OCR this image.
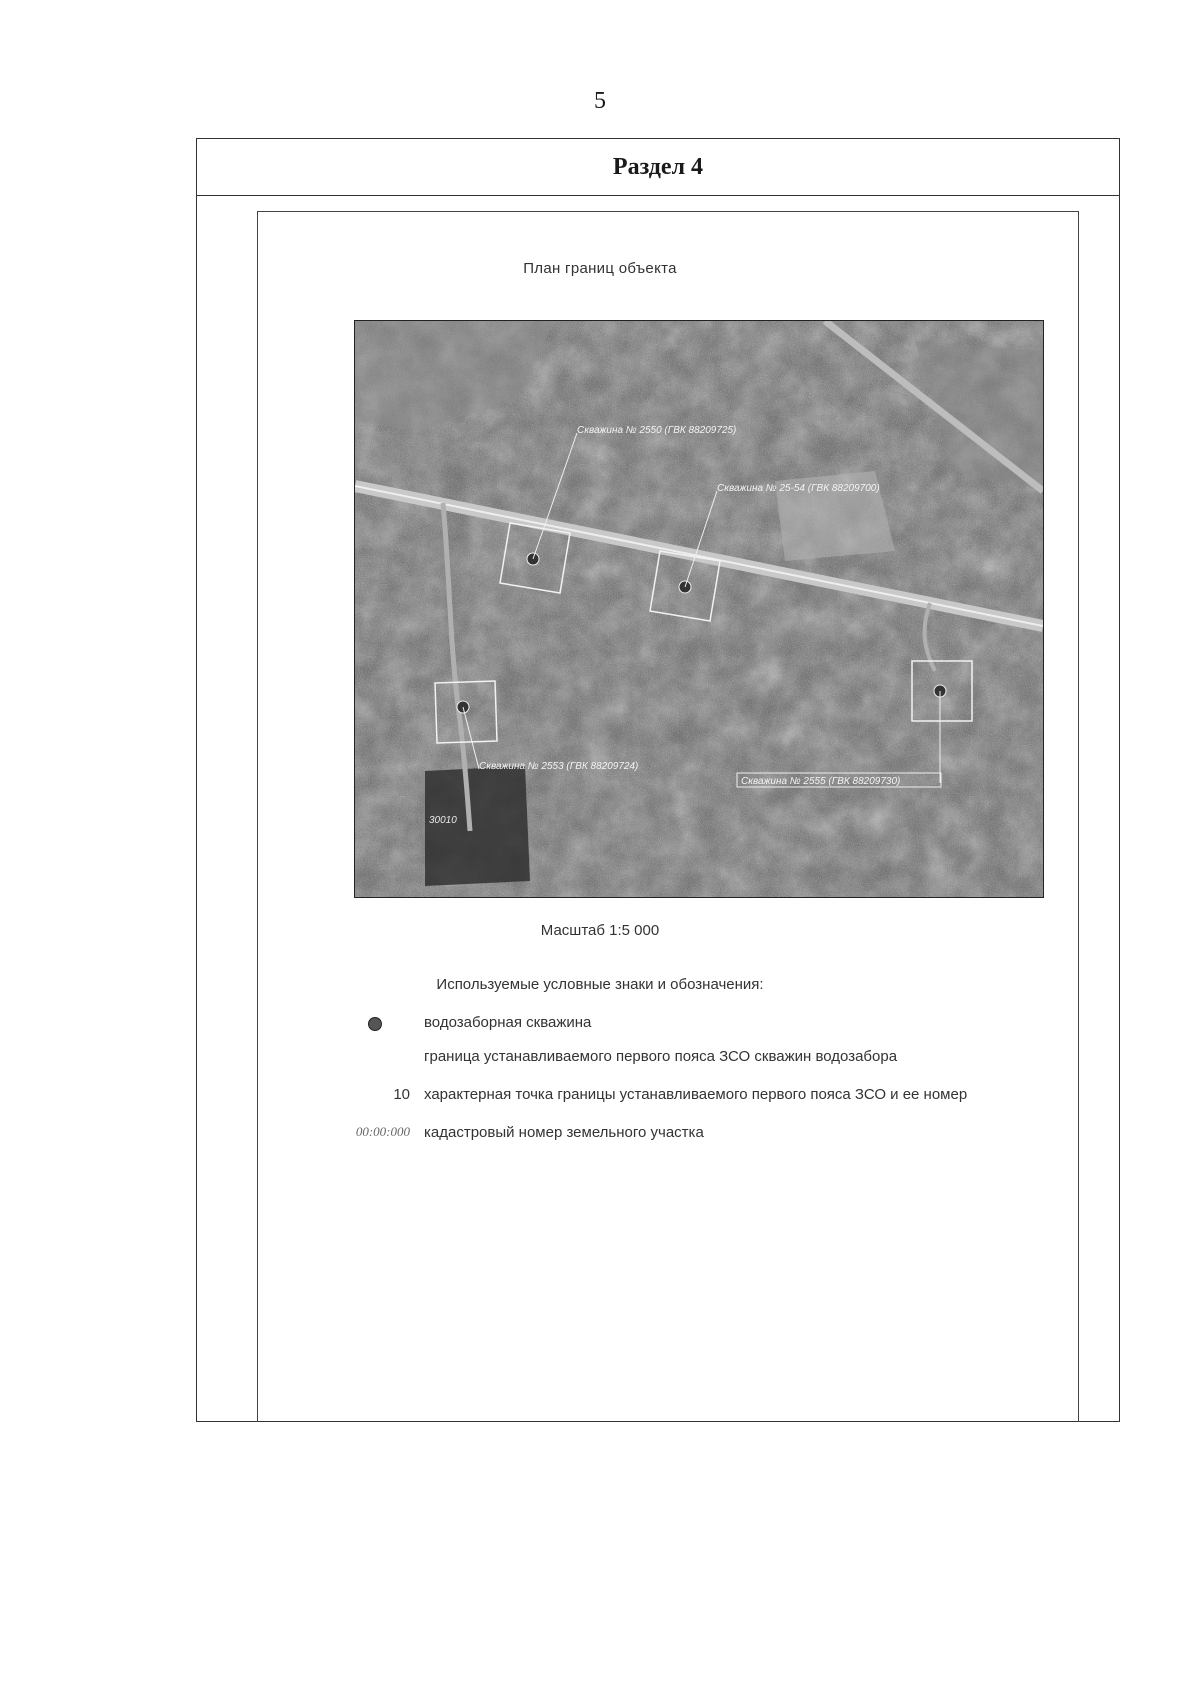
5
Раздел 4
План границ объекта
Скважина № 2550 (ГВК 88209725)
Скважина № 25-54 (ГВК 88209700)
Скважина № 2553 (ГВК 88209724)
Скважина № 2555 (ГВК 88209730)
30010
Масштаб 1:5 000
Используемые условные знаки и обозначения:
водозаборная скважина
граница устанавливаемого первого пояса ЗСО скважин водозабора
10 характерная точка границы устанавливаемого первого пояса ЗСО и ее номер
00:00:000 кадастровый номер земельного участка
